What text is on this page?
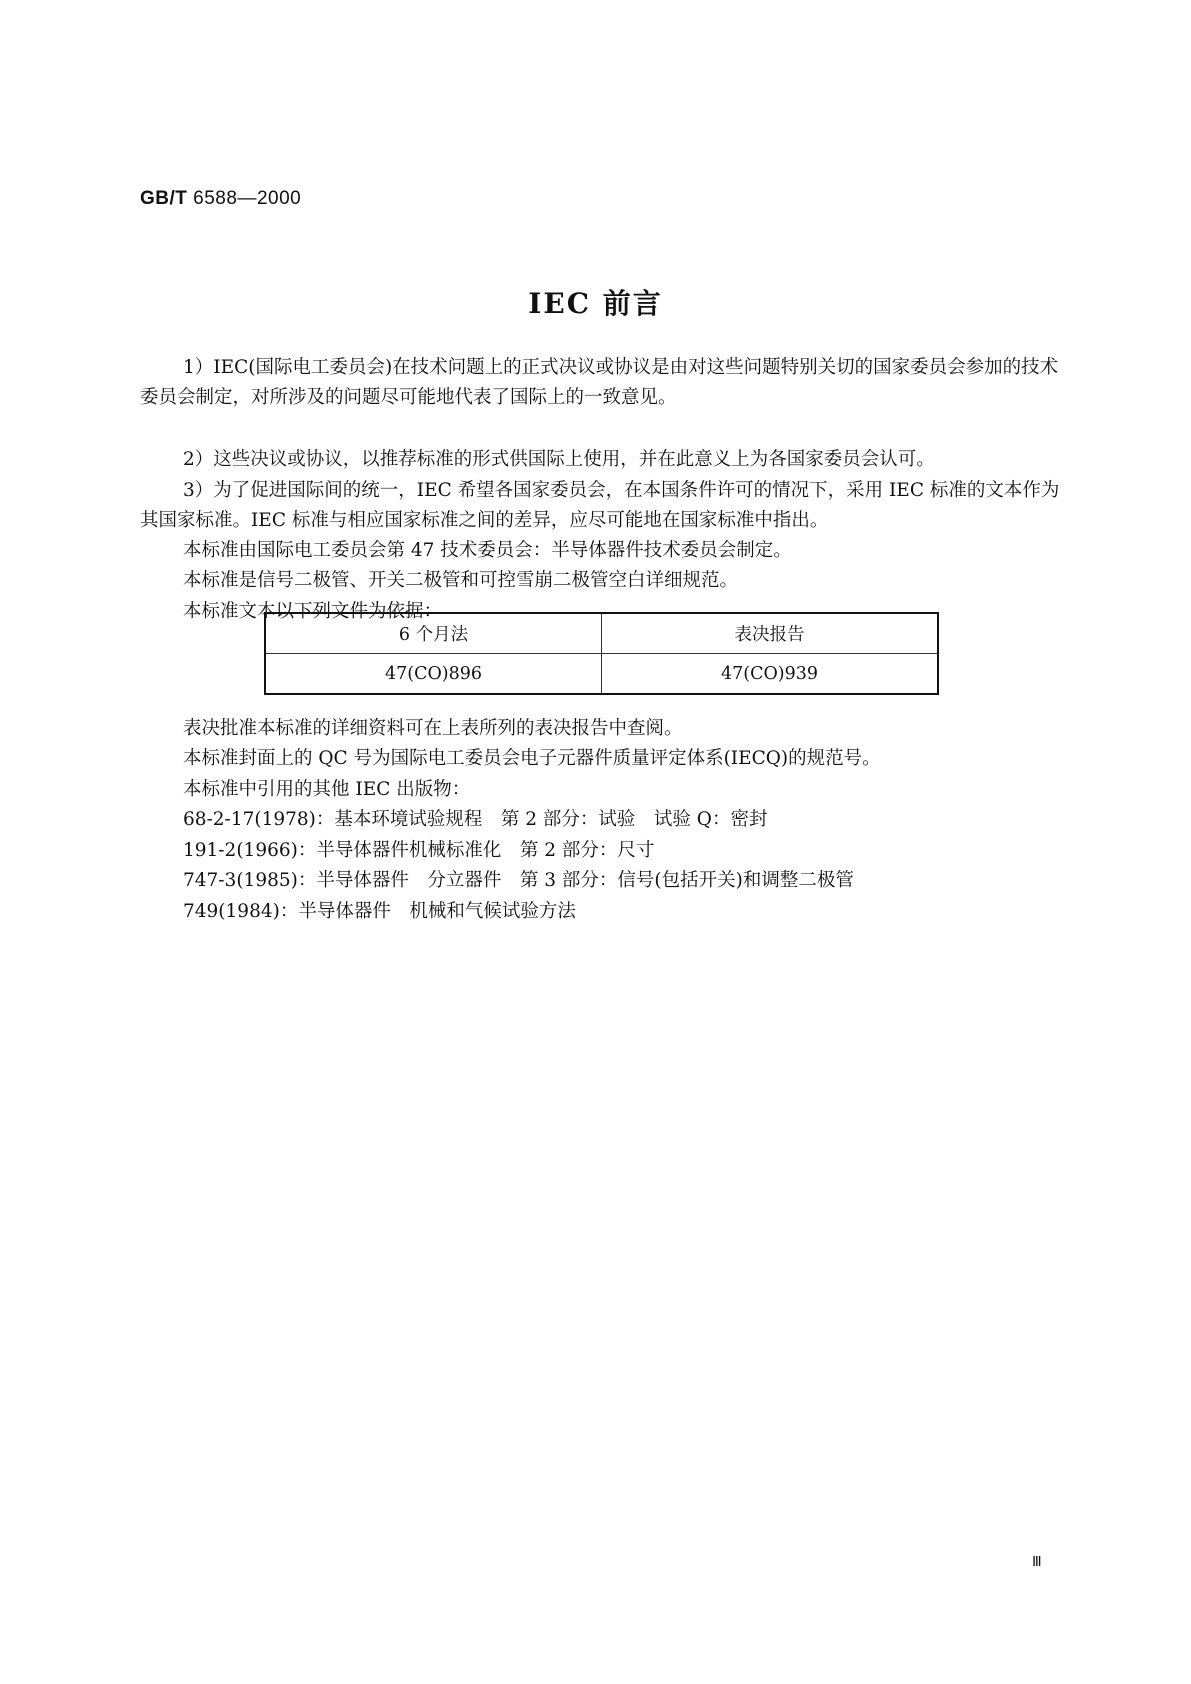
GB/T 6588—2000
IEC 前言

1）IEC(国际电工委员会)在技术问题上的正式决议或协议是由对这些问题特别关切的国家委员会参加的技术委员会制定，对所涉及的问题尽可能地代表了国际上的一致意见。

2）这些决议或协议，以推荐标准的形式供国际上使用，并在此意义上为各国家委员会认可。

3）为了促进国际间的统一，IEC 希望各国家委员会，在本国条件许可的情况下，采用 IEC 标准的文本作为其国家标准。IEC 标准与相应国家标准之间的差异，应尽可能地在国家标准中指出。

本标准由国际电工委员会第 47 技术委员会：半导体器件技术委员会制定。

本标准是信号二极管、开关二极管和可控雪崩二极管空白详细规范。

本标准文本以下列文件为依据：

6 个月法	表决报告
47(CO)896	47(CO)939

表决批准本标准的详细资料可在上表所列的表决报告中查阅。

本标准封面上的 QC 号为国际电工委员会电子元器件质量评定体系(IECQ)的规范号。

本标准中引用的其他 IEC 出版物：

68-2-17(1978)：基本环境试验规程　第 2 部分：试验　试验 Q：密封
191-2(1966)：半导体器件机械标准化　第 2 部分：尺寸
747-3(1985)：半导体器件　分立器件　第 3 部分：信号(包括开关)和调整二极管
749(1984)：半导体器件　机械和气候试验方法
Ⅲ
